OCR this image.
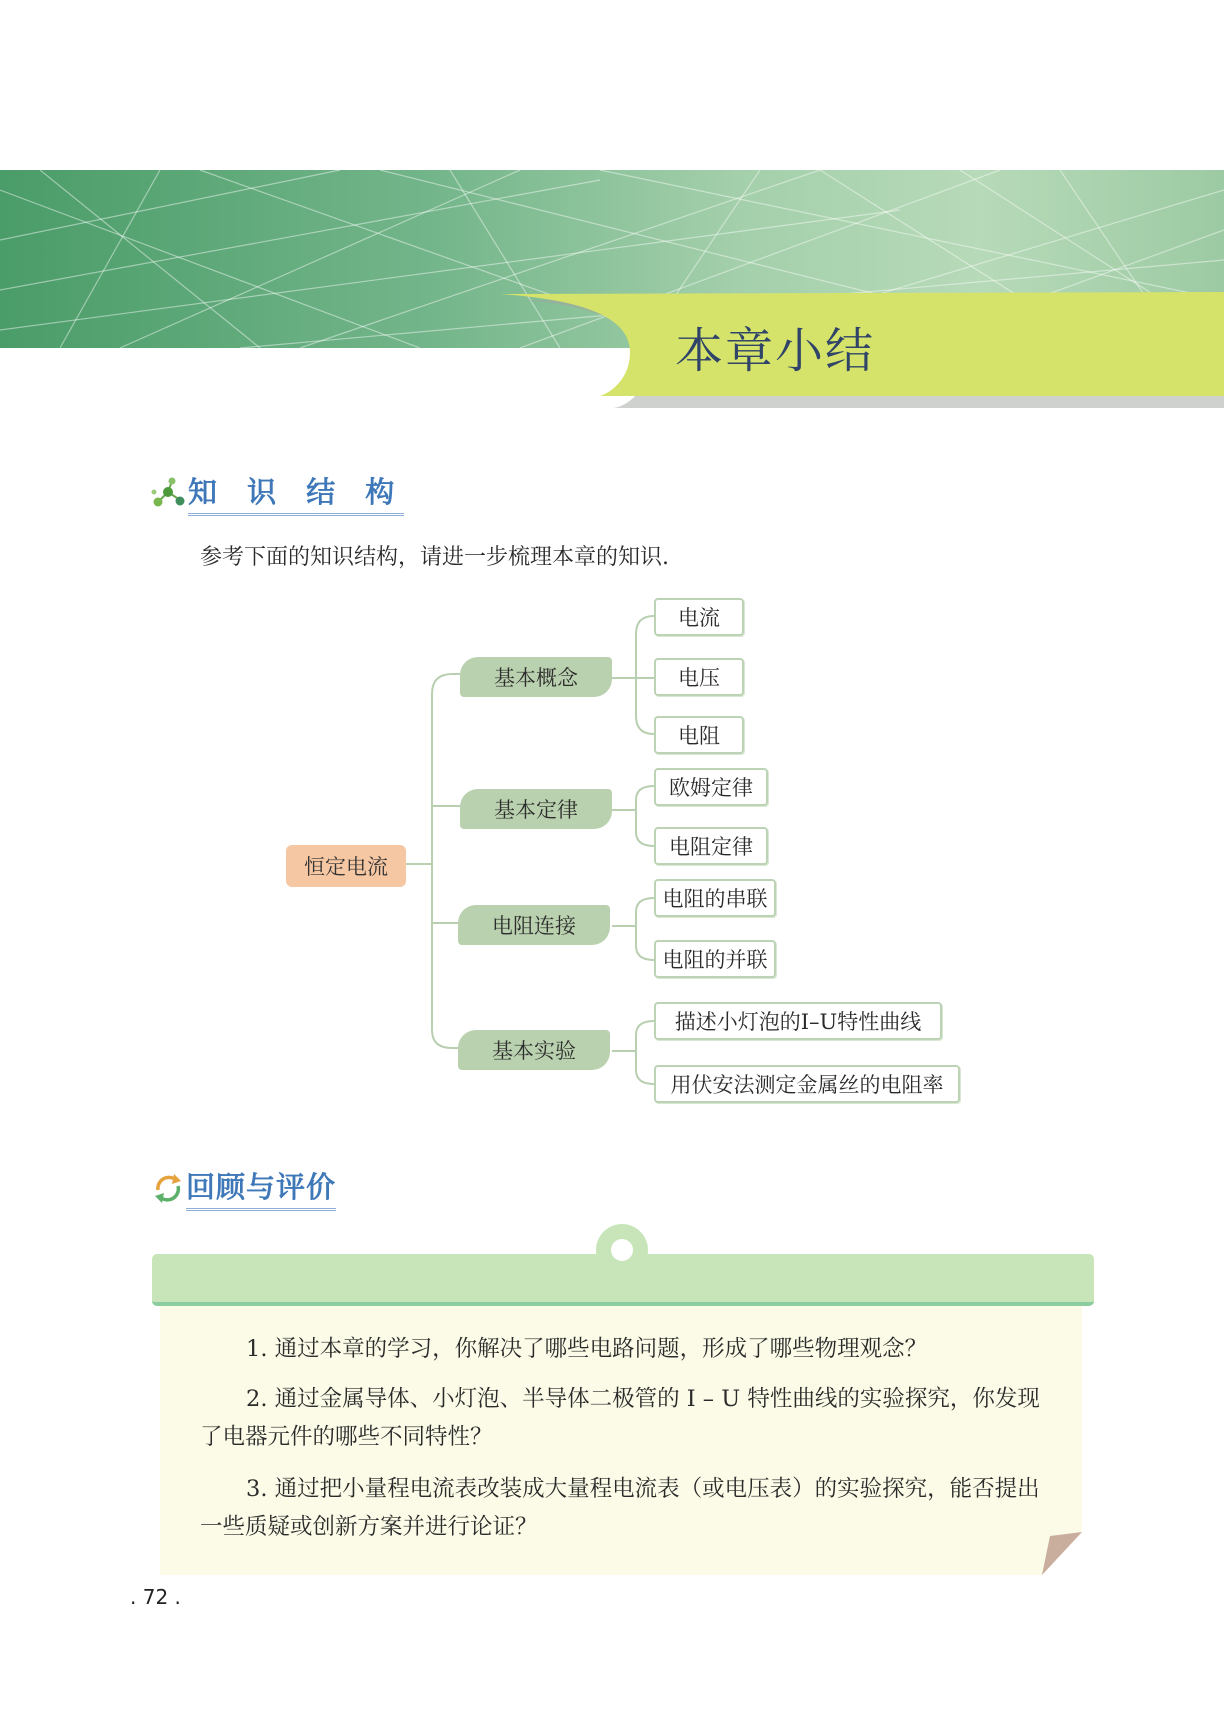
本章小结
知 识 结 构

参考下面的知识结构，请进一步梳理本章的知识.

恒定电流
基本概念
基本定律
电阻连接
基本实验
电流
电压
电阻
欧姆定律
电阻定律
电阻的串联
电阻的并联
描述小灯泡的I–U特性曲线
用伏安法测定金属丝的电阻率
回顾与评价

1. 通过本章的学习，你解决了哪些电路问题，形成了哪些物理观念？

2. 通过金属导体、小灯泡、半导体二极管的 I – U 特性曲线的实验探究，你发现了电器元件的哪些不同特性？

3. 通过把小量程电流表改装成大量程电流表（或电压表）的实验探究，能否提出一些质疑或创新方案并进行论证？

. 72 .
